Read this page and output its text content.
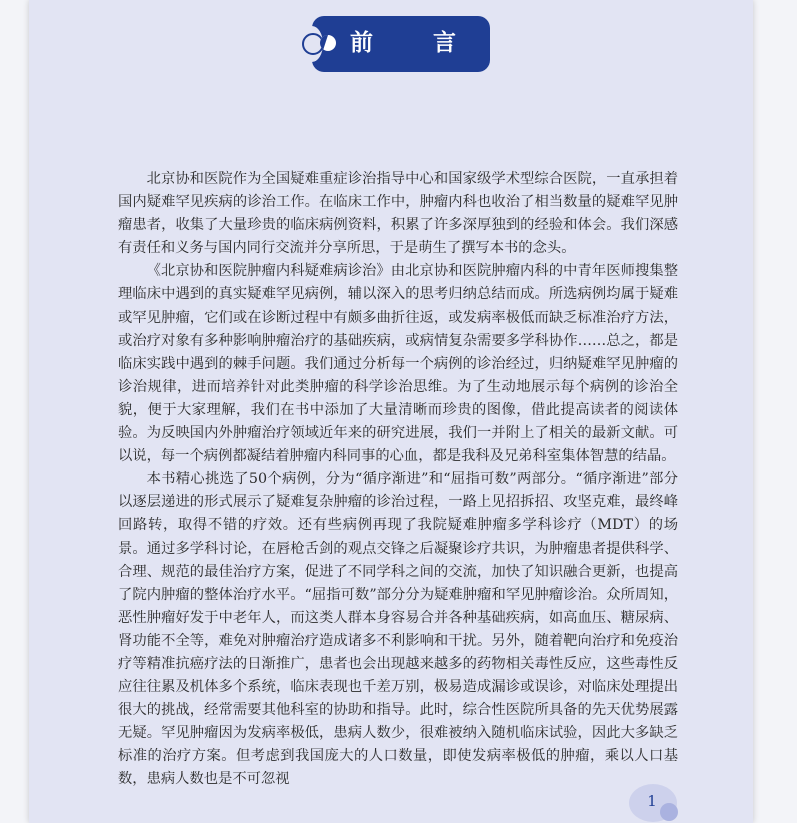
前 言

北京协和医院作为全国疑难重症诊治指导中心和国家级学术型综合医院，一直承担着国内疑难罕见疾病的诊治工作。在临床工作中，肿瘤内科也收治了相当数量的疑难罕见肿瘤患者，收集了大量珍贵的临床病例资料，积累了许多深厚独到的经验和体会。我们深感有责任和义务与国内同行交流并分享所思，于是萌生了撰写本书的念头。

《北京协和医院肿瘤内科疑难病诊治》由北京协和医院肿瘤内科的中青年医师搜集整理临床中遇到的真实疑难罕见病例，辅以深入的思考归纳总结而成。所选病例均属于疑难或罕见肿瘤，它们或在诊断过程中有颇多曲折往返，或发病率极低而缺乏标准治疗方法，或治疗对象有多种影响肿瘤治疗的基础疾病，或病情复杂需要多学科协作……总之，都是临床实践中遇到的棘手问题。我们通过分析每一个病例的诊治经过，归纳疑难罕见肿瘤的诊治规律，进而培养针对此类肿瘤的科学诊治思维。为了生动地展示每个病例的诊治全貌，便于大家理解，我们在书中添加了大量清晰而珍贵的图像，借此提高读者的阅读体验。为反映国内外肿瘤治疗领域近年来的研究进展，我们一并附上了相关的最新文献。可以说，每一个病例都凝结着肿瘤内科同事的心血，都是我科及兄弟科室集体智慧的结晶。

本书精心挑选了50个病例，分为“循序渐进”和“屈指可数”两部分。“循序渐进”部分以逐层递进的形式展示了疑难复杂肿瘤的诊治过程，一路上见招拆招、攻坚克难，最终峰回路转，取得不错的疗效。还有些病例再现了我院疑难肿瘤多学科诊疗（MDT）的场景。通过多学科讨论，在唇枪舌剑的观点交锋之后凝聚诊疗共识，为肿瘤患者提供科学、合理、规范的最佳治疗方案，促进了不同学科之间的交流，加快了知识融合更新，也提高了院内肿瘤的整体治疗水平。“屈指可数”部分分为疑难肿瘤和罕见肿瘤诊治。众所周知，恶性肿瘤好发于中老年人，而这类人群本身容易合并各种基础疾病，如高血压、糖尿病、肾功能不全等，难免对肿瘤治疗造成诸多不利影响和干扰。另外，随着靶向治疗和免疫治疗等精准抗癌疗法的日渐推广，患者也会出现越来越多的药物相关毒性反应，这些毒性反应往往累及机体多个系统，临床表现也千差万别，极易造成漏诊或误诊，对临床处理提出很大的挑战，经常需要其他科室的协助和指导。此时，综合性医院所具备的先天优势展露无疑。罕见肿瘤因为发病率极低，患病人数少，很难被纳入随机临床试验，因此大多缺乏标准的治疗方案。但考虑到我国庞大的人口数量，即使发病率极低的肿瘤，乘以人口基数，患病人数也是不可忽视

1
